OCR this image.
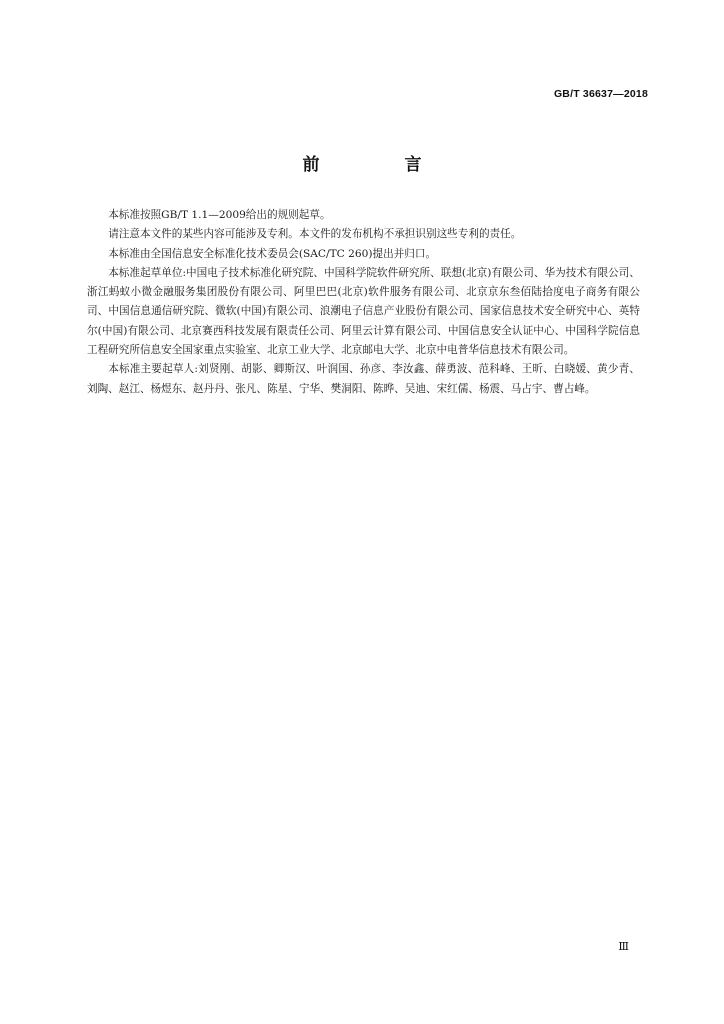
GB/T 36637—2018
前　言

本标准按照GB/T 1.1—2009给出的规则起草。

请注意本文件的某些内容可能涉及专利。本文件的发布机构不承担识别这些专利的责任。

本标准由全国信息安全标准化技术委员会(SAC/TC 260)提出并归口。

本标准起草单位:中国电子技术标准化研究院、中国科学院软件研究所、联想(北京)有限公司、华为技术有限公司、浙江蚂蚁小微金融服务集团股份有限公司、阿里巴巴(北京)软件服务有限公司、北京京东叁佰陆拾度电子商务有限公司、中国信息通信研究院、微软(中国)有限公司、浪潮电子信息产业股份有限公司、国家信息技术安全研究中心、英特尔(中国)有限公司、北京赛西科技发展有限责任公司、阿里云计算有限公司、中国信息安全认证中心、中国科学院信息工程研究所信息安全国家重点实验室、北京工业大学、北京邮电大学、北京中电普华信息技术有限公司。

本标准主要起草人:刘贤刚、胡影、卿斯汉、叶润国、孙彦、李汝鑫、薛勇波、范科峰、王昕、白晓媛、黄少青、刘陶、赵江、杨煜东、赵丹丹、张凡、陈星、宁华、樊洞阳、陈晔、吴迪、宋红儒、杨震、马占宇、曹占峰。

Ⅲ
